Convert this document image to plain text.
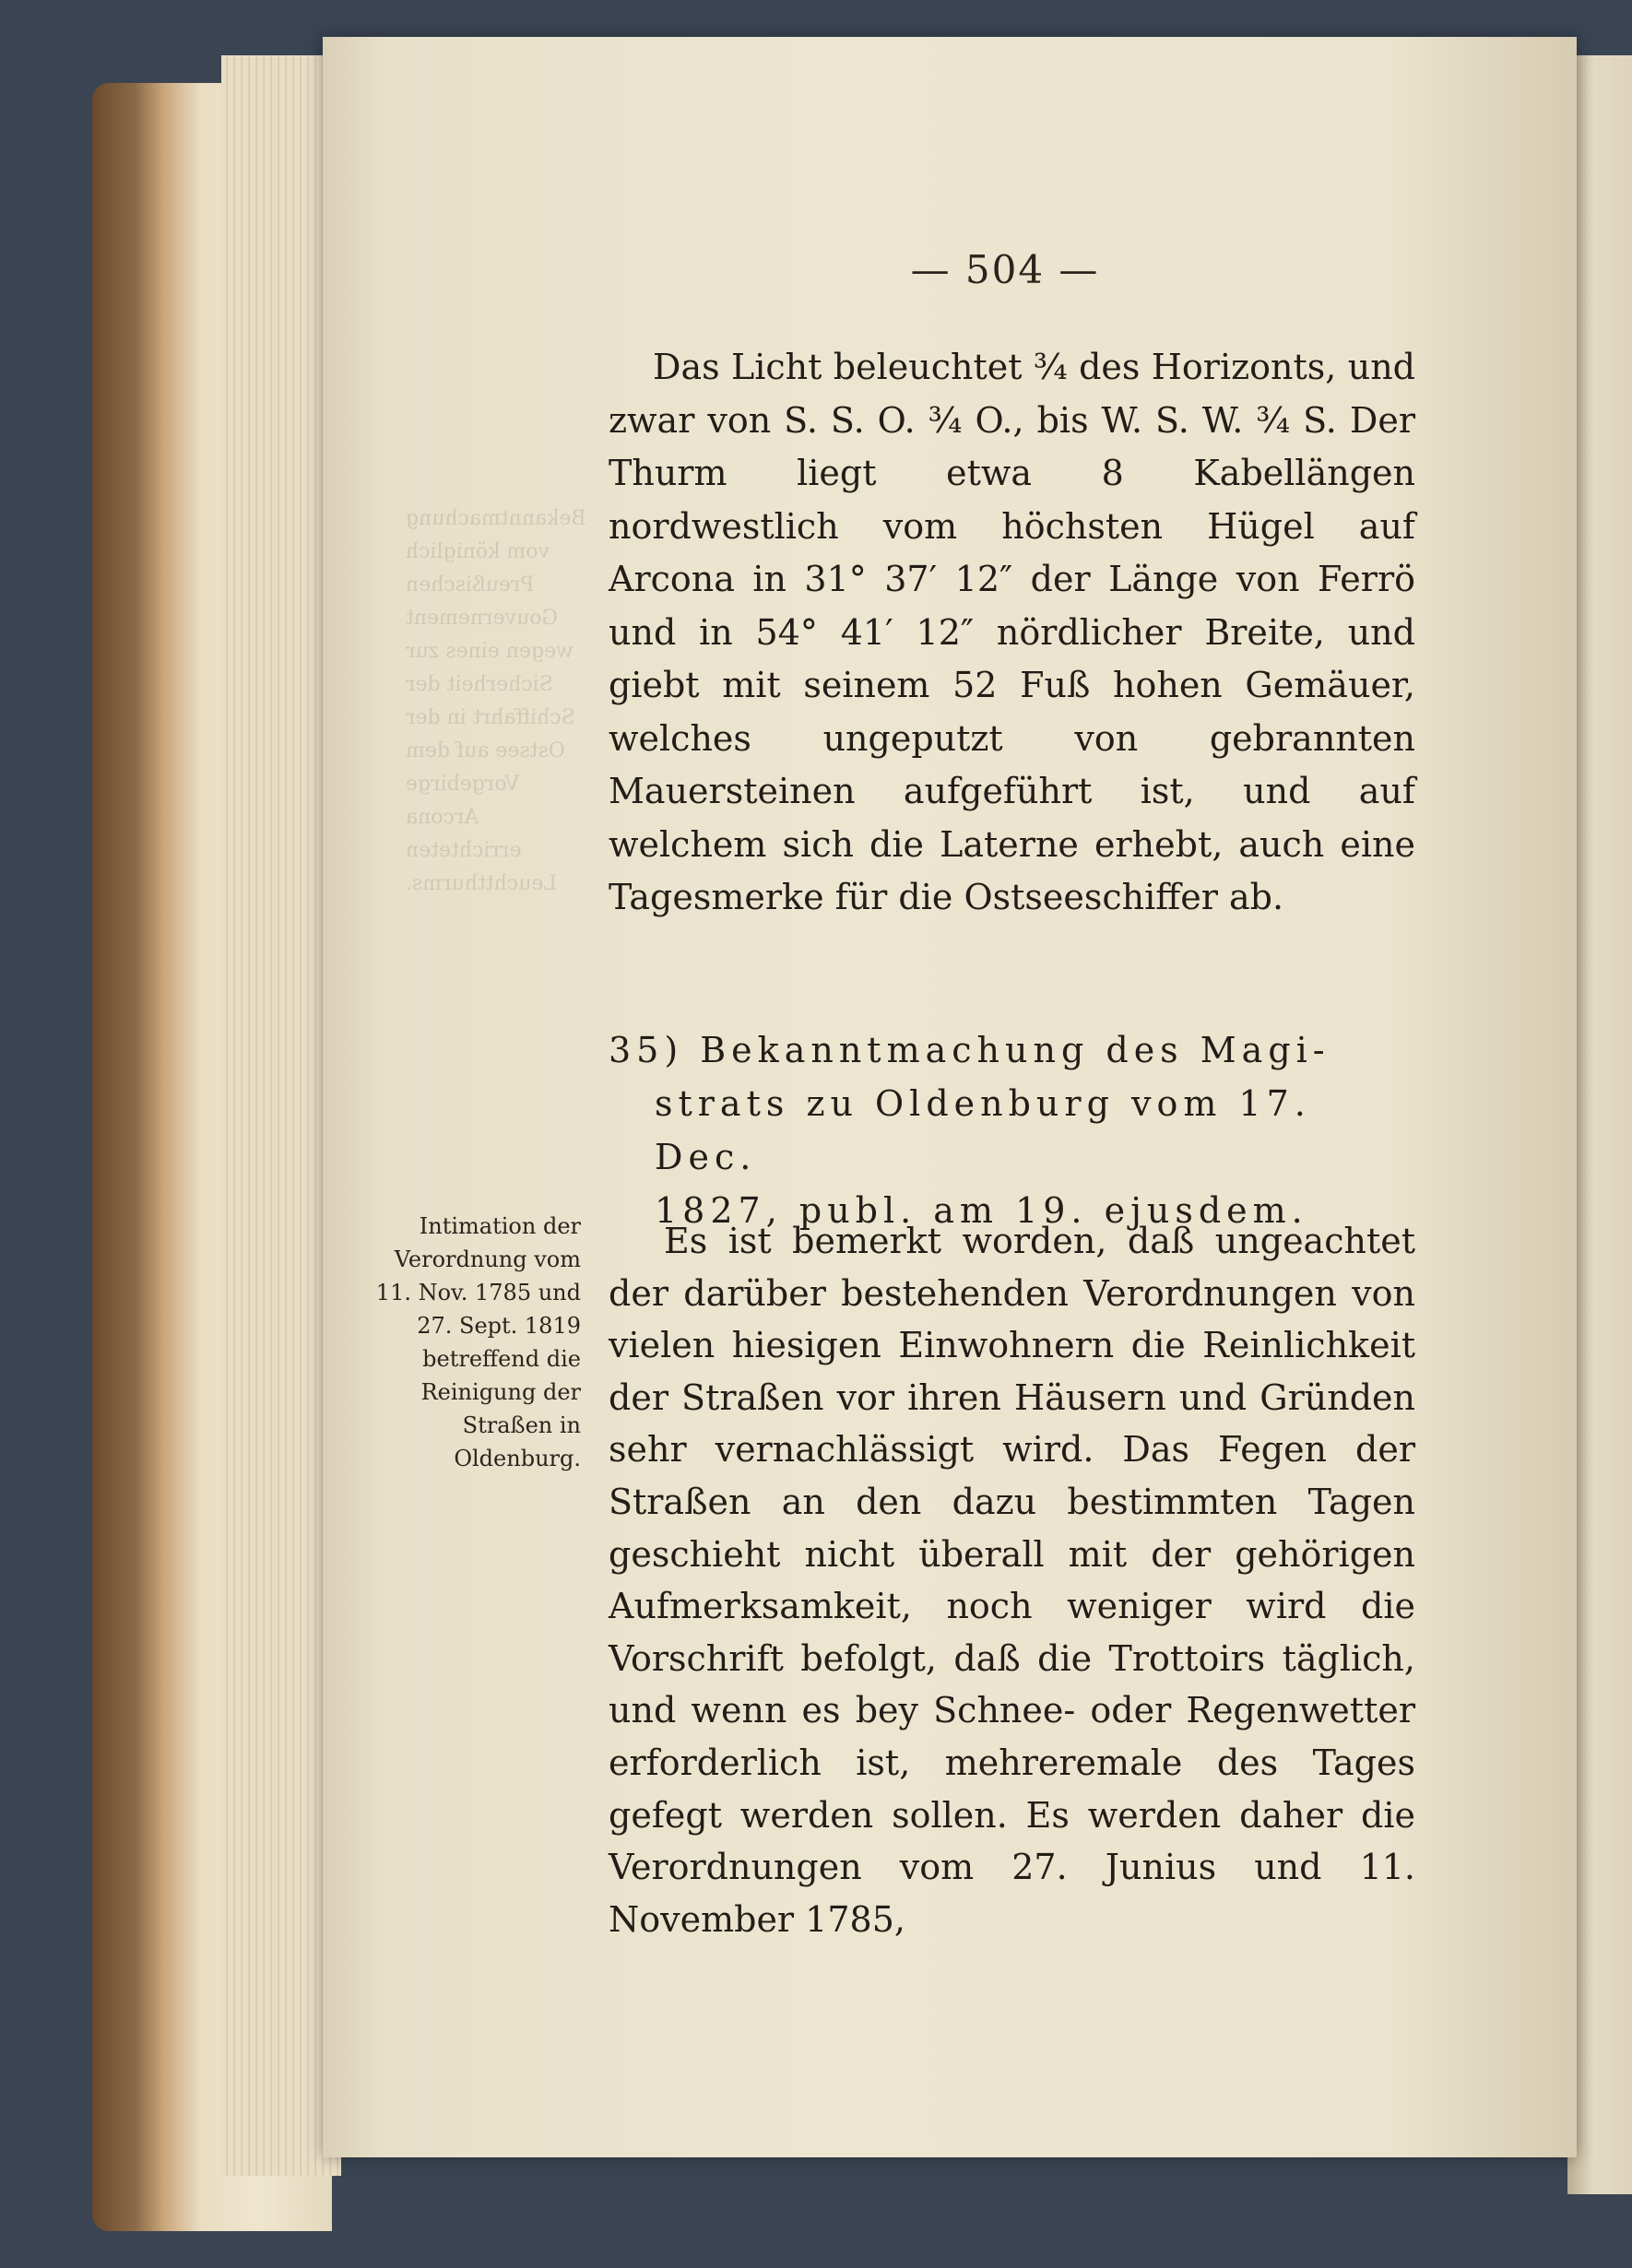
Bekanntmachung vom königlich Preußischen Gouvernement wegen eines zur Sicherheit der Schiffahrt in der Ostsee auf dem Vorgebirge Arcona errichteten Leuchtthurms.
— 504 —

Das Licht beleuchtet ¾ des Horizonts, und zwar von S. S. O. ¾ O., bis W. S. W. ¾ S. Der Thurm liegt etwa 8 Kabellängen nordwestlich vom höchsten Hügel auf Arcona in 31° 37′ 12″ der Länge von Ferrö und in 54° 41′ 12″ nördlicher Breite, und giebt mit seinem 52 Fuß hohen Gemäuer, welches ungeputzt von gebrannten Mauersteinen aufgeführt ist, und auf welchem sich die Laterne erhebt, auch eine Tagesmerke für die Ostseeschiffer ab.

35) Bekanntmachung des Magi-
strats zu Oldenburg vom 17. Dec.
1827, publ. am 19. ejusdem.
Intimation der Verordnung vom 11. Nov. 1785 und 27. Sept. 1819 betreffend die Reinigung der Straßen in Oldenburg.

Es ist bemerkt worden, daß ungeachtet der darüber bestehenden Verordnungen von vielen hiesigen Einwohnern die Reinlichkeit der Straßen vor ihren Häusern und Gründen sehr vernachlässigt wird. Das Fegen der Straßen an den dazu bestimmten Tagen geschieht nicht überall mit der gehörigen Aufmerksamkeit, noch weniger wird die Vorschrift befolgt, daß die Trottoirs täglich, und wenn es bey Schnee- oder Regenwetter erforderlich ist, mehreremale des Tages gefegt werden sollen. Es werden daher die Verordnungen vom 27. Junius und 11. November 1785,
